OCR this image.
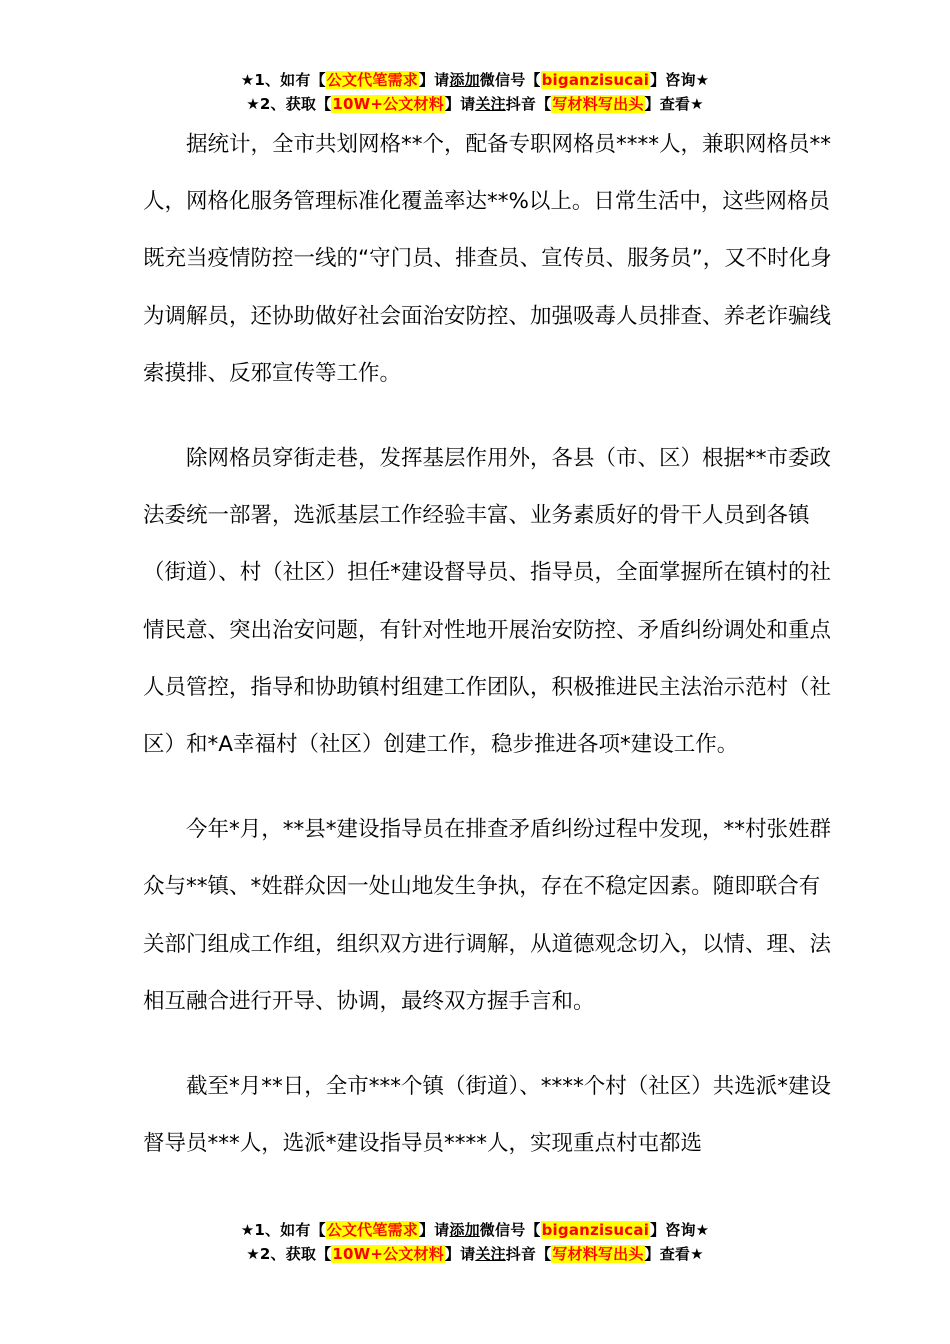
★1、如有【公文代笔需求】请添加微信号【biganzisucai】咨询★
★2、获取【10W+公文材料】请关注抖音【写材料写出头】查看★

据统计，全市共划网格**个，配备专职网格员****人，兼职网格员**人，网格化服务管理标准化覆盖率达**%以上。日常生活中，这些网格员既充当疫情防控一线的“守门员、排查员、宣传员、服务员”，又不时化身为调解员，还协助做好社会面治安防控、加强吸毒人员排查、养老诈骗线索摸排、反邪宣传等工作。

除网格员穿街走巷，发挥基层作用外，各县（市、区）根据**市委政法委统一部署，选派基层工作经验丰富、业务素质好的骨干人员到各镇（街道）、村（社区）担任*建设督导员、指导员，全面掌握所在镇村的社情民意、突出治安问题，有针对性地开展治安防控、矛盾纠纷调处和重点人员管控，指导和协助镇村组建工作团队，积极推进民主法治示范村（社区）和*A幸福村（社区）创建工作，稳步推进各项*建设工作。

今年*月，**县*建设指导员在排查矛盾纠纷过程中发现，**村张姓群众与**镇、*姓群众因一处山地发生争执，存在不稳定因素。随即联合有关部门组成工作组，组织双方进行调解，从道德观念切入，以情、理、法相互融合进行开导、协调，最终双方握手言和。

截至*月**日，全市***个镇（街道）、****个村（社区）共选派*建设督导员***人，选派*建设指导员****人，实现重点村屯都选

★1、如有【公文代笔需求】请添加微信号【biganzisucai】咨询★
★2、获取【10W+公文材料】请关注抖音【写材料写出头】查看★
